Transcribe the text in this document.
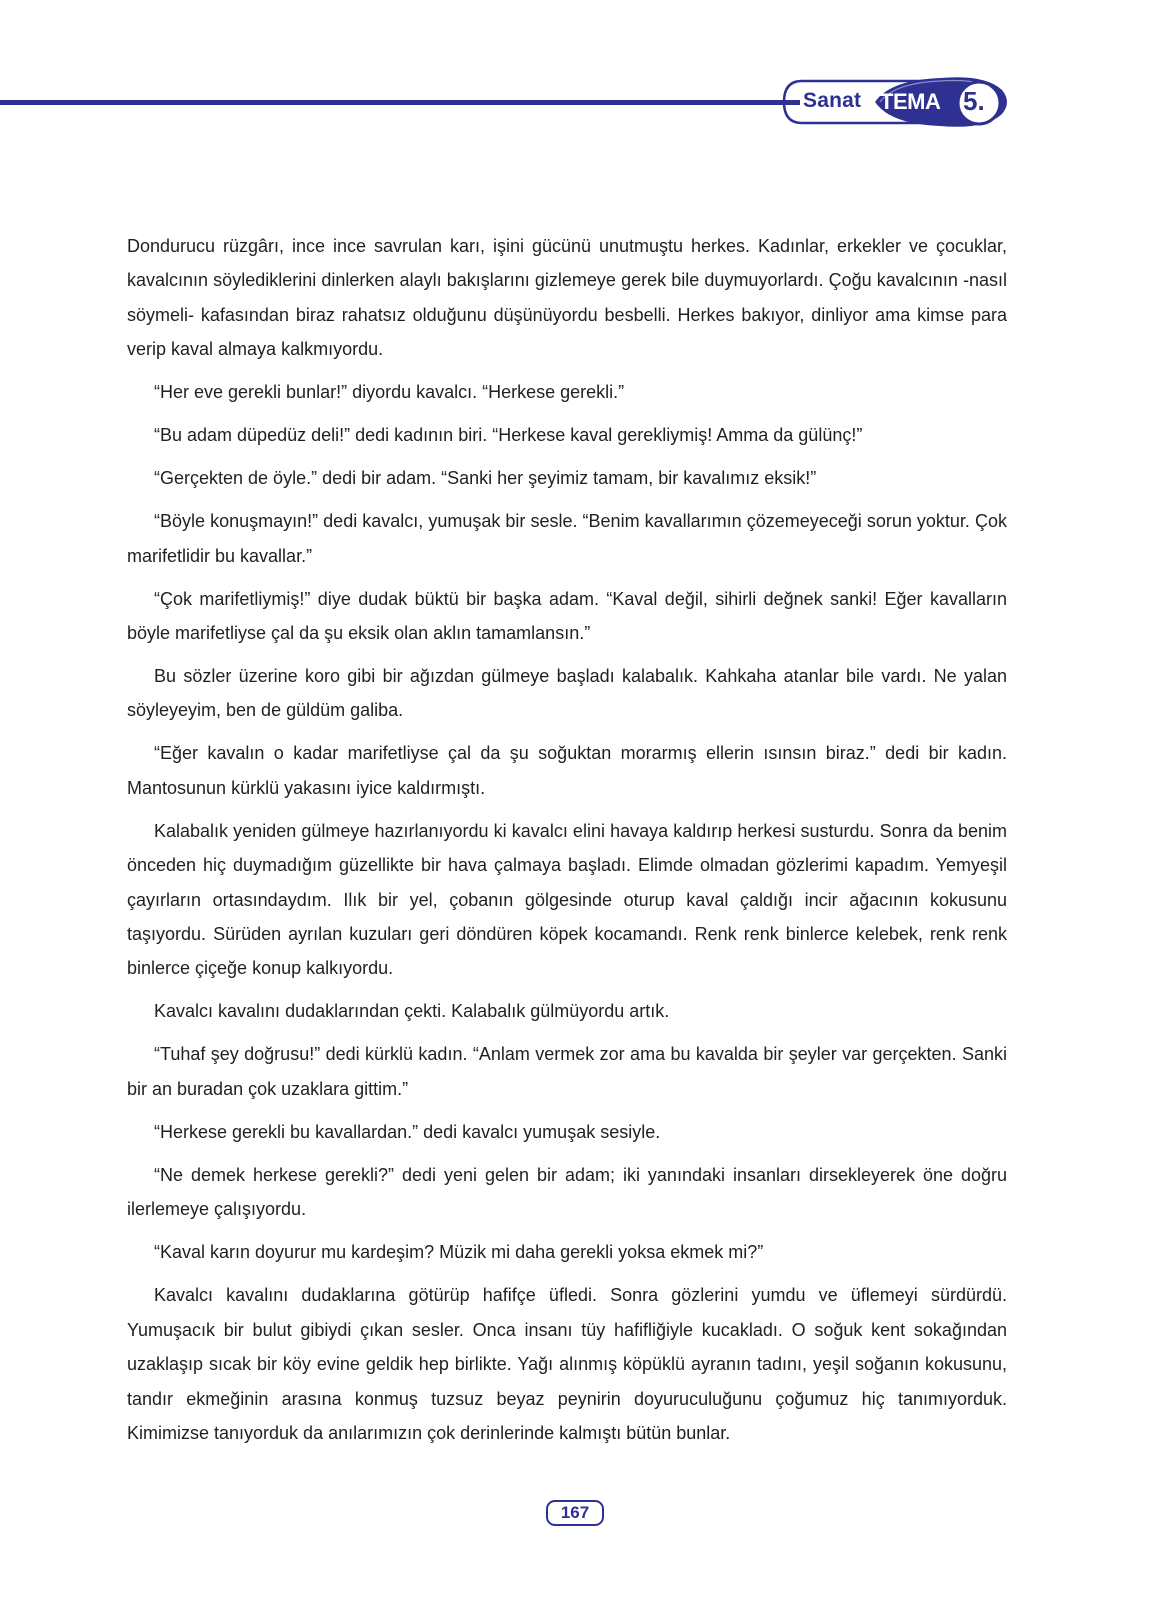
Sanat TEMA 5.

Dondurucu rüzgârı, ince ince savrulan karı, işini gücünü unutmuştu herkes. Kadınlar, erkekler ve çocuklar, kavalcının söylediklerini dinlerken alaylı bakışlarını gizlemeye gerek bile duymuyorlardı. Çoğu kavalcının -nasıl söymeli- kafasından biraz rahatsız olduğunu düşünüyordu besbelli. Herkes bakıyor, dinliyor ama kimse para verip kaval almaya kalkmıyordu.

“Her eve gerekli bunlar!” diyordu kavalcı. “Herkese gerekli.”

“Bu adam düpedüz deli!” dedi kadının biri. “Herkese kaval gerekliymiş! Amma da gülünç!”

“Gerçekten de öyle.” dedi bir adam. “Sanki her şeyimiz tamam, bir kavalımız eksik!”

“Böyle konuşmayın!” dedi kavalcı, yumuşak bir sesle. “Benim kavallarımın çözemeyeceği sorun yoktur. Çok marifetlidir bu kavallar.”

“Çok marifetliymiş!” diye dudak büktü bir başka adam. “Kaval değil, sihirli değnek sanki! Eğer kavalların böyle marifetliyse çal da şu eksik olan aklın tamamlansın.”

Bu sözler üzerine koro gibi bir ağızdan gülmeye başladı kalabalık. Kahkaha atanlar bile vardı. Ne yalan söyleyeyim, ben de güldüm galiba.

“Eğer kavalın o kadar marifetliyse çal da şu soğuktan morarmış ellerin ısınsın biraz.” dedi bir kadın. Mantosunun kürklü yakasını iyice kaldırmıştı.

Kalabalık yeniden gülmeye hazırlanıyordu ki kavalcı elini havaya kaldırıp herkesi susturdu. Sonra da benim önceden hiç duymadığım güzellikte bir hava çalmaya başladı. Elimde olmadan gözlerimi kapadım. Yemyeşil çayırların ortasındaydım. Ilık bir yel, çobanın gölgesinde oturup kaval çaldığı incir ağacının kokusunu taşıyordu. Sürüden ayrılan kuzuları geri döndüren köpek kocamandı. Renk renk binlerce kelebek, renk renk binlerce çiçeğe konup kalkıyordu.

Kavalcı kavalını dudaklarından çekti. Kalabalık gülmüyordu artık.

“Tuhaf şey doğrusu!” dedi kürklü kadın. “Anlam vermek zor ama bu kavalda bir şeyler var gerçekten. Sanki bir an buradan çok uzaklara gittim.”

“Herkese gerekli bu kavallardan.” dedi kavalcı yumuşak sesiyle.

“Ne demek herkese gerekli?” dedi yeni gelen bir adam; iki yanındaki insanları dirsekleyerek öne doğru ilerlemeye çalışıyordu.

“Kaval karın doyurur mu kardeşim? Müzik mi daha gerekli yoksa ekmek mi?”

Kavalcı kavalını dudaklarına götürüp hafifçe üfledi. Sonra gözlerini yumdu ve üflemeyi sürdürdü. Yumuşacık bir bulut gibiydi çıkan sesler. Onca insanı tüy hafifliğiyle kucakladı. O soğuk kent sokağından uzaklaşıp sıcak bir köy evine geldik hep birlikte. Yağı alınmış köpüklü ayranın tadını, yeşil soğanın kokusunu, tandır ekmeğinin arasına konmuş tuzsuz beyaz peynirin doyuruculuğunu çoğumuz hiç tanımıyorduk. Kimimizse tanıyorduk da anılarımızın çok derinlerinde kalmıştı bütün bunlar.

167
